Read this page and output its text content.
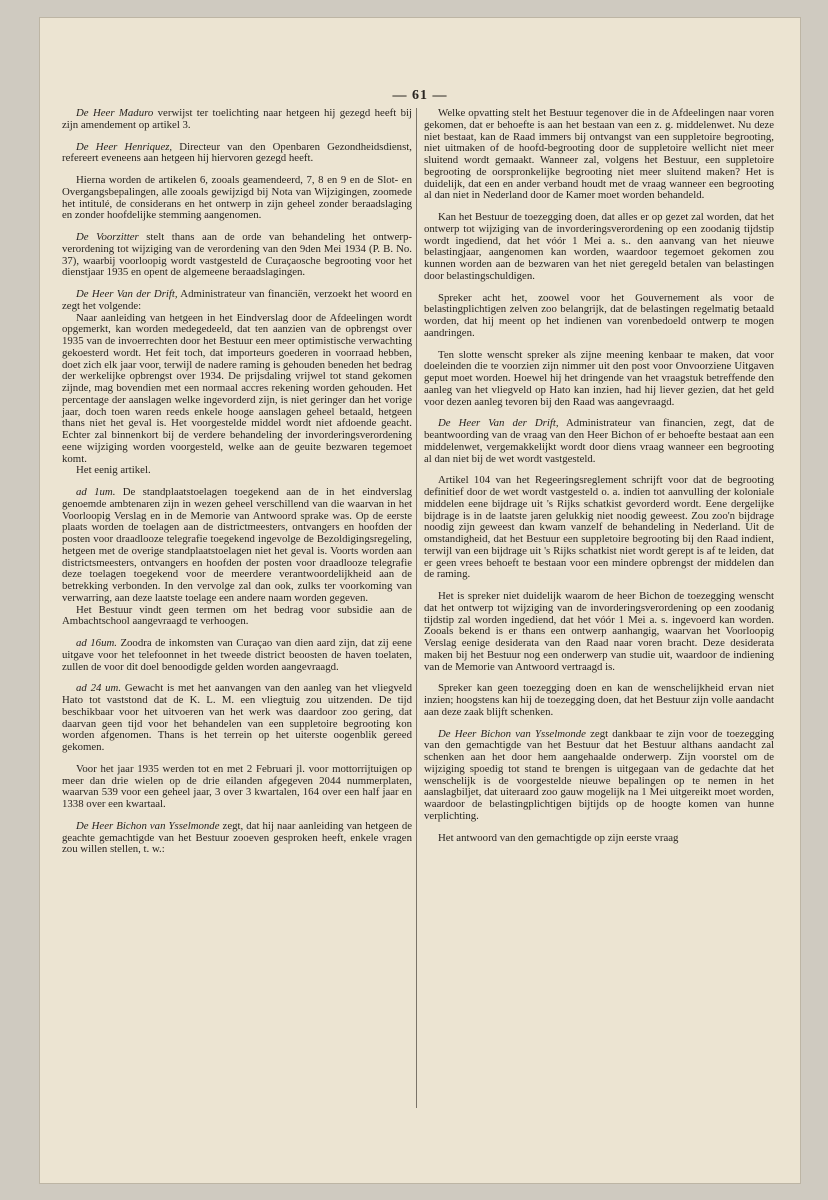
— 61 —

De Heer Maduro verwijst ter toelichting naar hetgeen hij gezegd heeft bij zijn amendement op artikel 3.

De Heer Henriquez, Directeur van den Openbaren Gezondheidsdienst, refereert eveneens aan hetgeen hij hiervoren gezegd heeft.

Hierna worden de artikelen 6, zooals geamendeerd, 7, 8 en 9 en de Slot- en Overgangsbepalingen, alle zooals gewijzigd bij Nota van Wijzigingen, zoomede het intitulé, de considerans en het ontwerp in zijn geheel zonder beraadslaging en zonder hoofdelijke stemming aangenomen.

De Voorzitter stelt thans aan de orde van behandeling het ontwerp-verordening tot wijziging van de verordening van den 9den Mei 1934 (P. B. No. 37), waarbij voorloopig wordt vastgesteld de Curaçaosche begrooting voor het dienstjaar 1935 en opent de algemeene beraadslagingen.

De Heer Van der Drift, Administrateur van financiën, verzoekt het woord en zegt het volgende:

Naar aanleiding van hetgeen in het Eindverslag door de Afdeelingen wordt opgemerkt, kan worden medegedeeld, dat ten aanzien van de opbrengst over 1935 van de invoerrechten door het Bestuur een meer optimistische verwachting gekoesterd wordt. Het feit toch, dat importeurs goederen in voorraad hebben, doet zich elk jaar voor, terwijl de nadere raming is gehouden beneden het bedrag der werkelijke opbrengst over 1934. De prijsdaling vrijwel tot stand gekomen zijnde, mag bovendien met een normaal accres rekening worden gehouden. Het percentage der aanslagen welke ingevorderd zijn, is niet geringer dan het vorige jaar, doch toen waren reeds enkele hooge aanslagen geheel betaald, hetgeen thans niet het geval is. Het voorgestelde middel wordt niet afdoende geacht. Echter zal binnenkort bij de verdere behandeling der invorderingsverordening eene wijziging worden voorgesteld, welke aan de geuite bezwaren tegemoet komt.

Het eenig artikel.

ad 1um. De standplaatstoelagen toegekend aan de in het eindverslag genoemde ambtenaren zijn in wezen geheel verschillend van die waarvan in het Voorloopig Verslag en in de Memorie van Antwoord sprake was. Op de eerste plaats worden de toelagen aan de districtmeesters, ontvangers en hoofden der posten voor draadlooze telegrafie toegekend ingevolge de Bezoldigingsregeling, hetgeen met de overige standplaatstoelagen niet het geval is. Voorts worden aan districtsmeesters, ontvangers en hoofden der posten voor draadlooze telegrafie deze toelagen toegekend voor de meerdere verantwoordelijkheid aan de betrekking verbonden. In den vervolge zal dan ook, zulks ter voorkoming van verwarring, aan deze laatste toelage een andere naam worden gegeven.

Het Bestuur vindt geen termen om het bedrag voor subsidie aan de Ambachtschool aangevraagd te verhoogen.

ad 16um. Zoodra de inkomsten van Curaçao van dien aard zijn, dat zij eene uitgave voor het telefoonnet in het tweede district beoosten de haven toelaten, zullen de voor dit doel benoodigde gelden worden aangevraagd.

ad 24 um. Gewacht is met het aanvangen van den aanleg van het vliegveld Hato tot vaststond dat de K. L. M. een vliegtuig zou uitzenden. De tijd beschikbaar voor het uitvoeren van het werk was daardoor zoo gering, dat daarvan geen tijd voor het behandelen van een suppletoire begrooting kon worden afgenomen. Thans is het terrein op het uiterste oogenblik gereed gekomen.

Voor het jaar 1935 werden tot en met 2 Februari jl. voor mottorrijtuigen op meer dan drie wielen op de drie eilanden afgegeven 2044 nummerplaten, waarvan 539 voor een geheel jaar, 3 over 3 kwartalen, 164 over een half jaar en 1338 over een kwartaal.

De Heer Bichon van Ysselmonde zegt, dat hij naar aanleiding van hetgeen de geachte gemachtigde van het Bestuur zooeven gesproken heeft, enkele vragen zou willen stellen, t. w.:

Welke opvatting stelt het Bestuur tegenover die in de Afdeelingen naar voren gekomen, dat er behoefte is aan het bestaan van een z. g. middelenwet. Nu deze niet bestaat, kan de Raad immers bij ontvangst van een suppletoire begrooting, niet uitmaken of de hoofd-begrooting door de suppletoire wellicht niet meer sluitend wordt gemaakt. Wanneer zal, volgens het Bestuur, een suppletoire begrooting de oorspronkelijke begrooting niet meer sluitend maken? Het is duidelijk, dat een en ander verband houdt met de vraag wanneer een begrooting al dan niet in Nederland door de Kamer moet worden behandeld.

Kan het Bestuur de toezegging doen, dat alles er op gezet zal worden, dat het ontwerp tot wijziging van de invorderingsverordening op een zoodanig tijdstip wordt ingediend, dat het vóór 1 Mei a. s.. den aanvang van het nieuwe belastingjaar, aangenomen kan worden, waardoor tegemoet gekomen zou kunnen worden aan de bezwaren van het niet geregeld betalen van belastingen door belastingschuldigen.

Spreker acht het, zoowel voor het Gouvernement als voor de belastingplichtigen zelven zoo belangrijk, dat de belastingen regelmatig betaald worden, dat hij meent op het indienen van vorenbedoeld ontwerp te mogen aandringen.

Ten slotte wenscht spreker als zijne meening kenbaar te maken, dat voor doeleinden die te voorzien zijn nimmer uit den post voor Onvoorziene Uitgaven geput moet worden. Hoewel hij het dringende van het vraagstuk betreffende den aanleg van het vliegveld op Hato kan inzien, had hij liever gezien, dat het geld voor dezen aanleg tevoren bij den Raad was aangevraagd.

De Heer Van der Drift, Administrateur van financien, zegt, dat de beantwoording van de vraag van den Heer Bichon of er behoefte bestaat aan een middelenwet, vergemakkelijkt wordt door diens vraag wanneer een begrooting al dan niet bij de wet wordt vastgesteld.

Artikel 104 van het Regeeringsreglement schrijft voor dat de begrooting definitief door de wet wordt vastgesteld o. a. indien tot aanvulling der koloniale middelen eene bijdrage uit 's Rijks schatkist gevorderd wordt. Eene dergelijke bijdrage is in de laatste jaren gelukkig niet noodig geweest. Zou zoo'n bijdrage noodig zijn geweest dan kwam vanzelf de behandeling in Nederland. Uit de omstandigheid, dat het Bestuur een suppletoire begrooting bij den Raad indient, terwijl van een bijdrage uit 's Rijks schatkist niet wordt gerept is af te leiden, dat er geen vrees behoeft te bestaan voor een mindere opbrengst der middelen dan de raming.

Het is spreker niet duidelijk waarom de heer Bichon de toezegging wenscht dat het ontwerp tot wijziging van de invorderingsverordening op een zoodanig tijdstip zal worden ingediend, dat het vóór 1 Mei a. s. ingevoerd kan worden. Zooals bekend is er thans een ontwerp aanhangig, waarvan het Voorloopig Verslag eenige desiderata van den Raad naar voren bracht. Deze desiderata maken bij het Bestuur nog een onderwerp van studie uit, waardoor de indiening van de Memorie van Antwoord vertraagd is.

Spreker kan geen toezegging doen en kan de wenschelijkheid ervan niet inzien; hoogstens kan hij de toezegging doen, dat het Bestuur zijn volle aandacht aan deze zaak blijft schenken.

De Heer Bichon van Ysselmonde zegt dankbaar te zijn voor de toezegging van den gemachtigde van het Bestuur dat het Bestuur althans aandacht zal schenken aan het door hem aangehaalde onderwerp. Zijn voorstel om de wijziging spoedig tot stand te brengen is uitgegaan van de gedachte dat het wenschelijk is de voorgestelde nieuwe bepalingen op te nemen in het aanslagbiljet, dat uiteraard zoo gauw mogelijk na 1 Mei uitgereikt moet worden, waardoor de belastingplichtigen bijtijds op de hoogte komen van hunne verplichting.

Het antwoord van den gemachtigde op zijn eerste vraag
